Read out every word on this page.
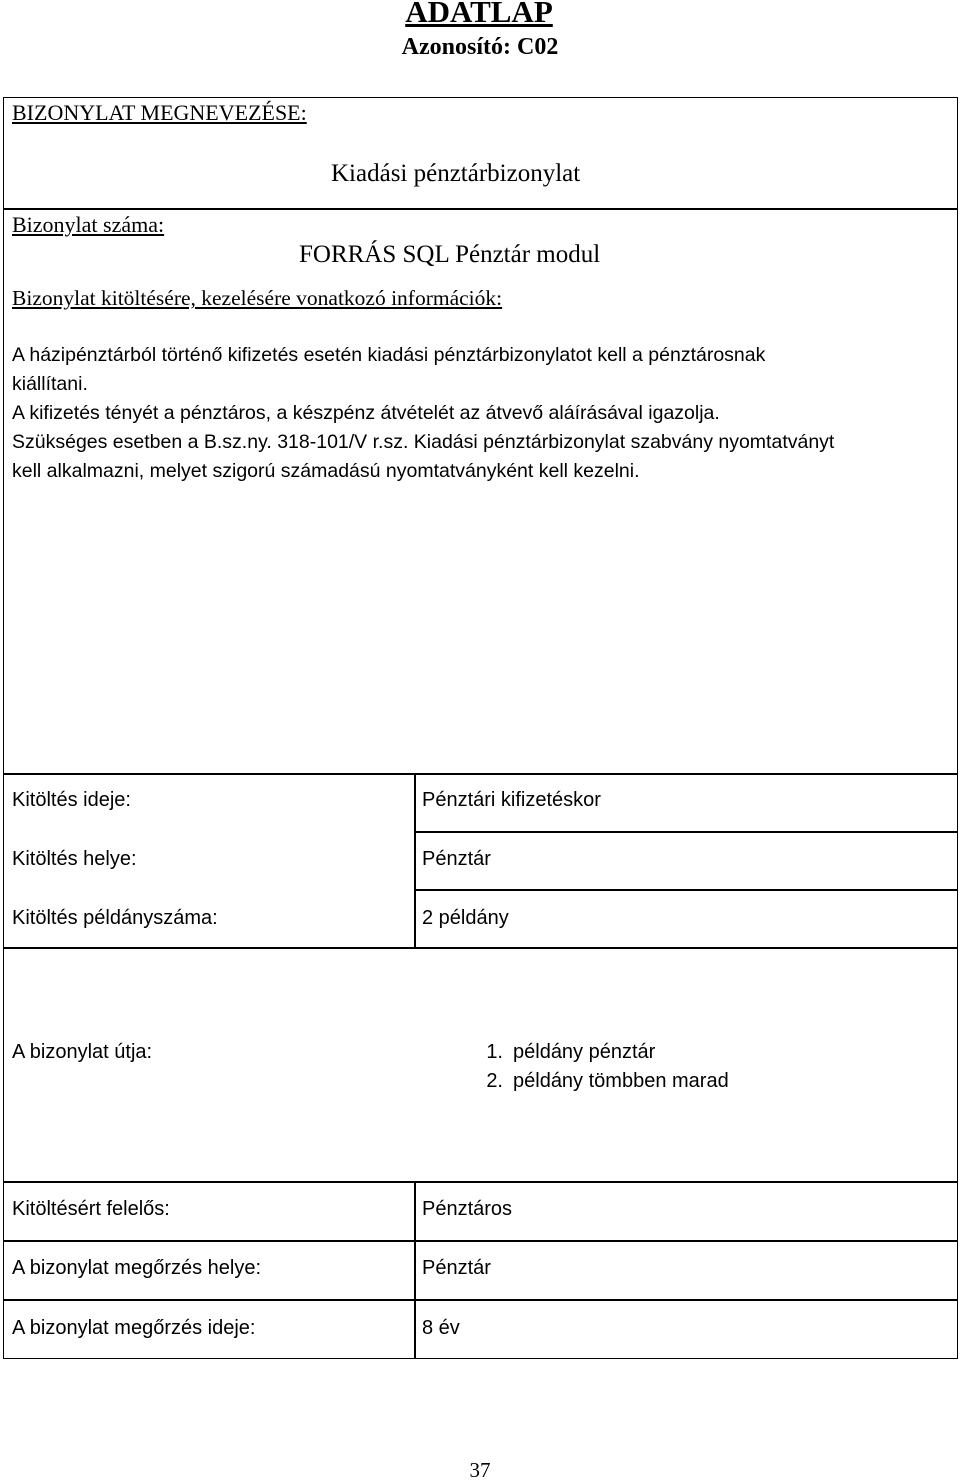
ADATLAP
Azonosító: C02
BIZONYLAT MEGNEVEZÉSE:
Kiadási pénztárbizonylat
Bizonylat száma:
FORRÁS SQL Pénztár modul
Bizonylat kitöltésére, kezelésére vonatkozó információk:
A házipénztárból történő kifizetés esetén kiadási pénztárbizonylatot kell a pénztárosnak
kiállítani.
A kifizetés tényét a pénztáros, a készpénz átvételét az átvevő aláírásával igazolja.
Szükséges esetben a B.sz.ny. 318-101/V r.sz. Kiadási pénztárbizonylat szabvány nyomtatványt
kell alkalmazni, melyet szigorú számadású nyomtatványként kell kezelni.
Kitöltés ideje:	Pénztári kifizetéskor
Kitöltés helye:	Pénztár
Kitöltés példányszáma:	2 példány
A bizonylat útja:	1. példány pénztár
2. példány tömbben marad
Kitöltésért felelős:	Pénztáros
A bizonylat megőrzés helye:	Pénztár
A bizonylat megőrzés ideje:	8 év
37
